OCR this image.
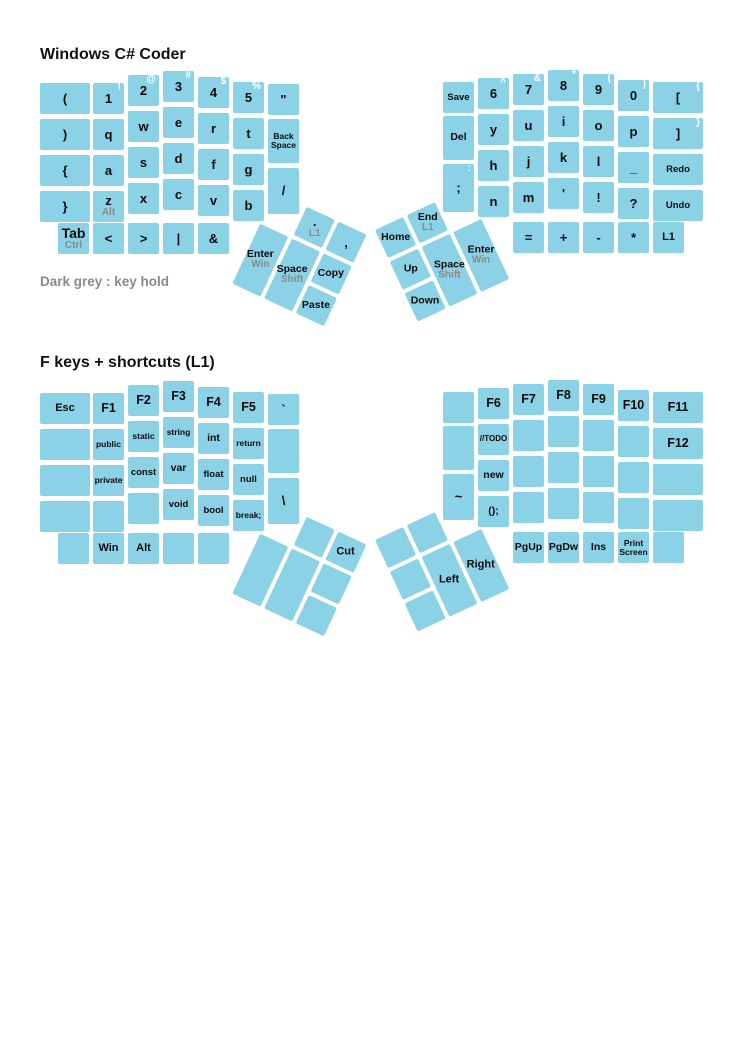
Windows C# Coder
Dark grey : key hold
F keys + shortcuts (L1)
(
)
{
}
!
1
q
a
z
Alt
@
2
w
s
x
#
3
e
d
c
$
4
r
f
v
%
5
t
g
b
"
Back Space
/
Tab
Ctrl < > | &
Save
Del
:
;
^
6
y
h
n
&
7
u
j
m
*
8
i
k
'
(
9
o
l
!
)
0
p
_
?
{
[
}
]
Redo
Undo
= + - * L1
.
L1
,
Enter
Win Space
Shift
Copy
Paste
Home
End
L1
Up
Down
Space
Shift
Enter
Win
Esc F1
public
private
F2
static
const
F3
string
var
void
F4
int
float
bool
F5
return
null
break;
`
\
Win Alt
~
F6
//TODO
new
();
F7 F8 F9 F10 F11
F12
PgUp PgDw Ins	Print Screen
Cut
Left
Right
